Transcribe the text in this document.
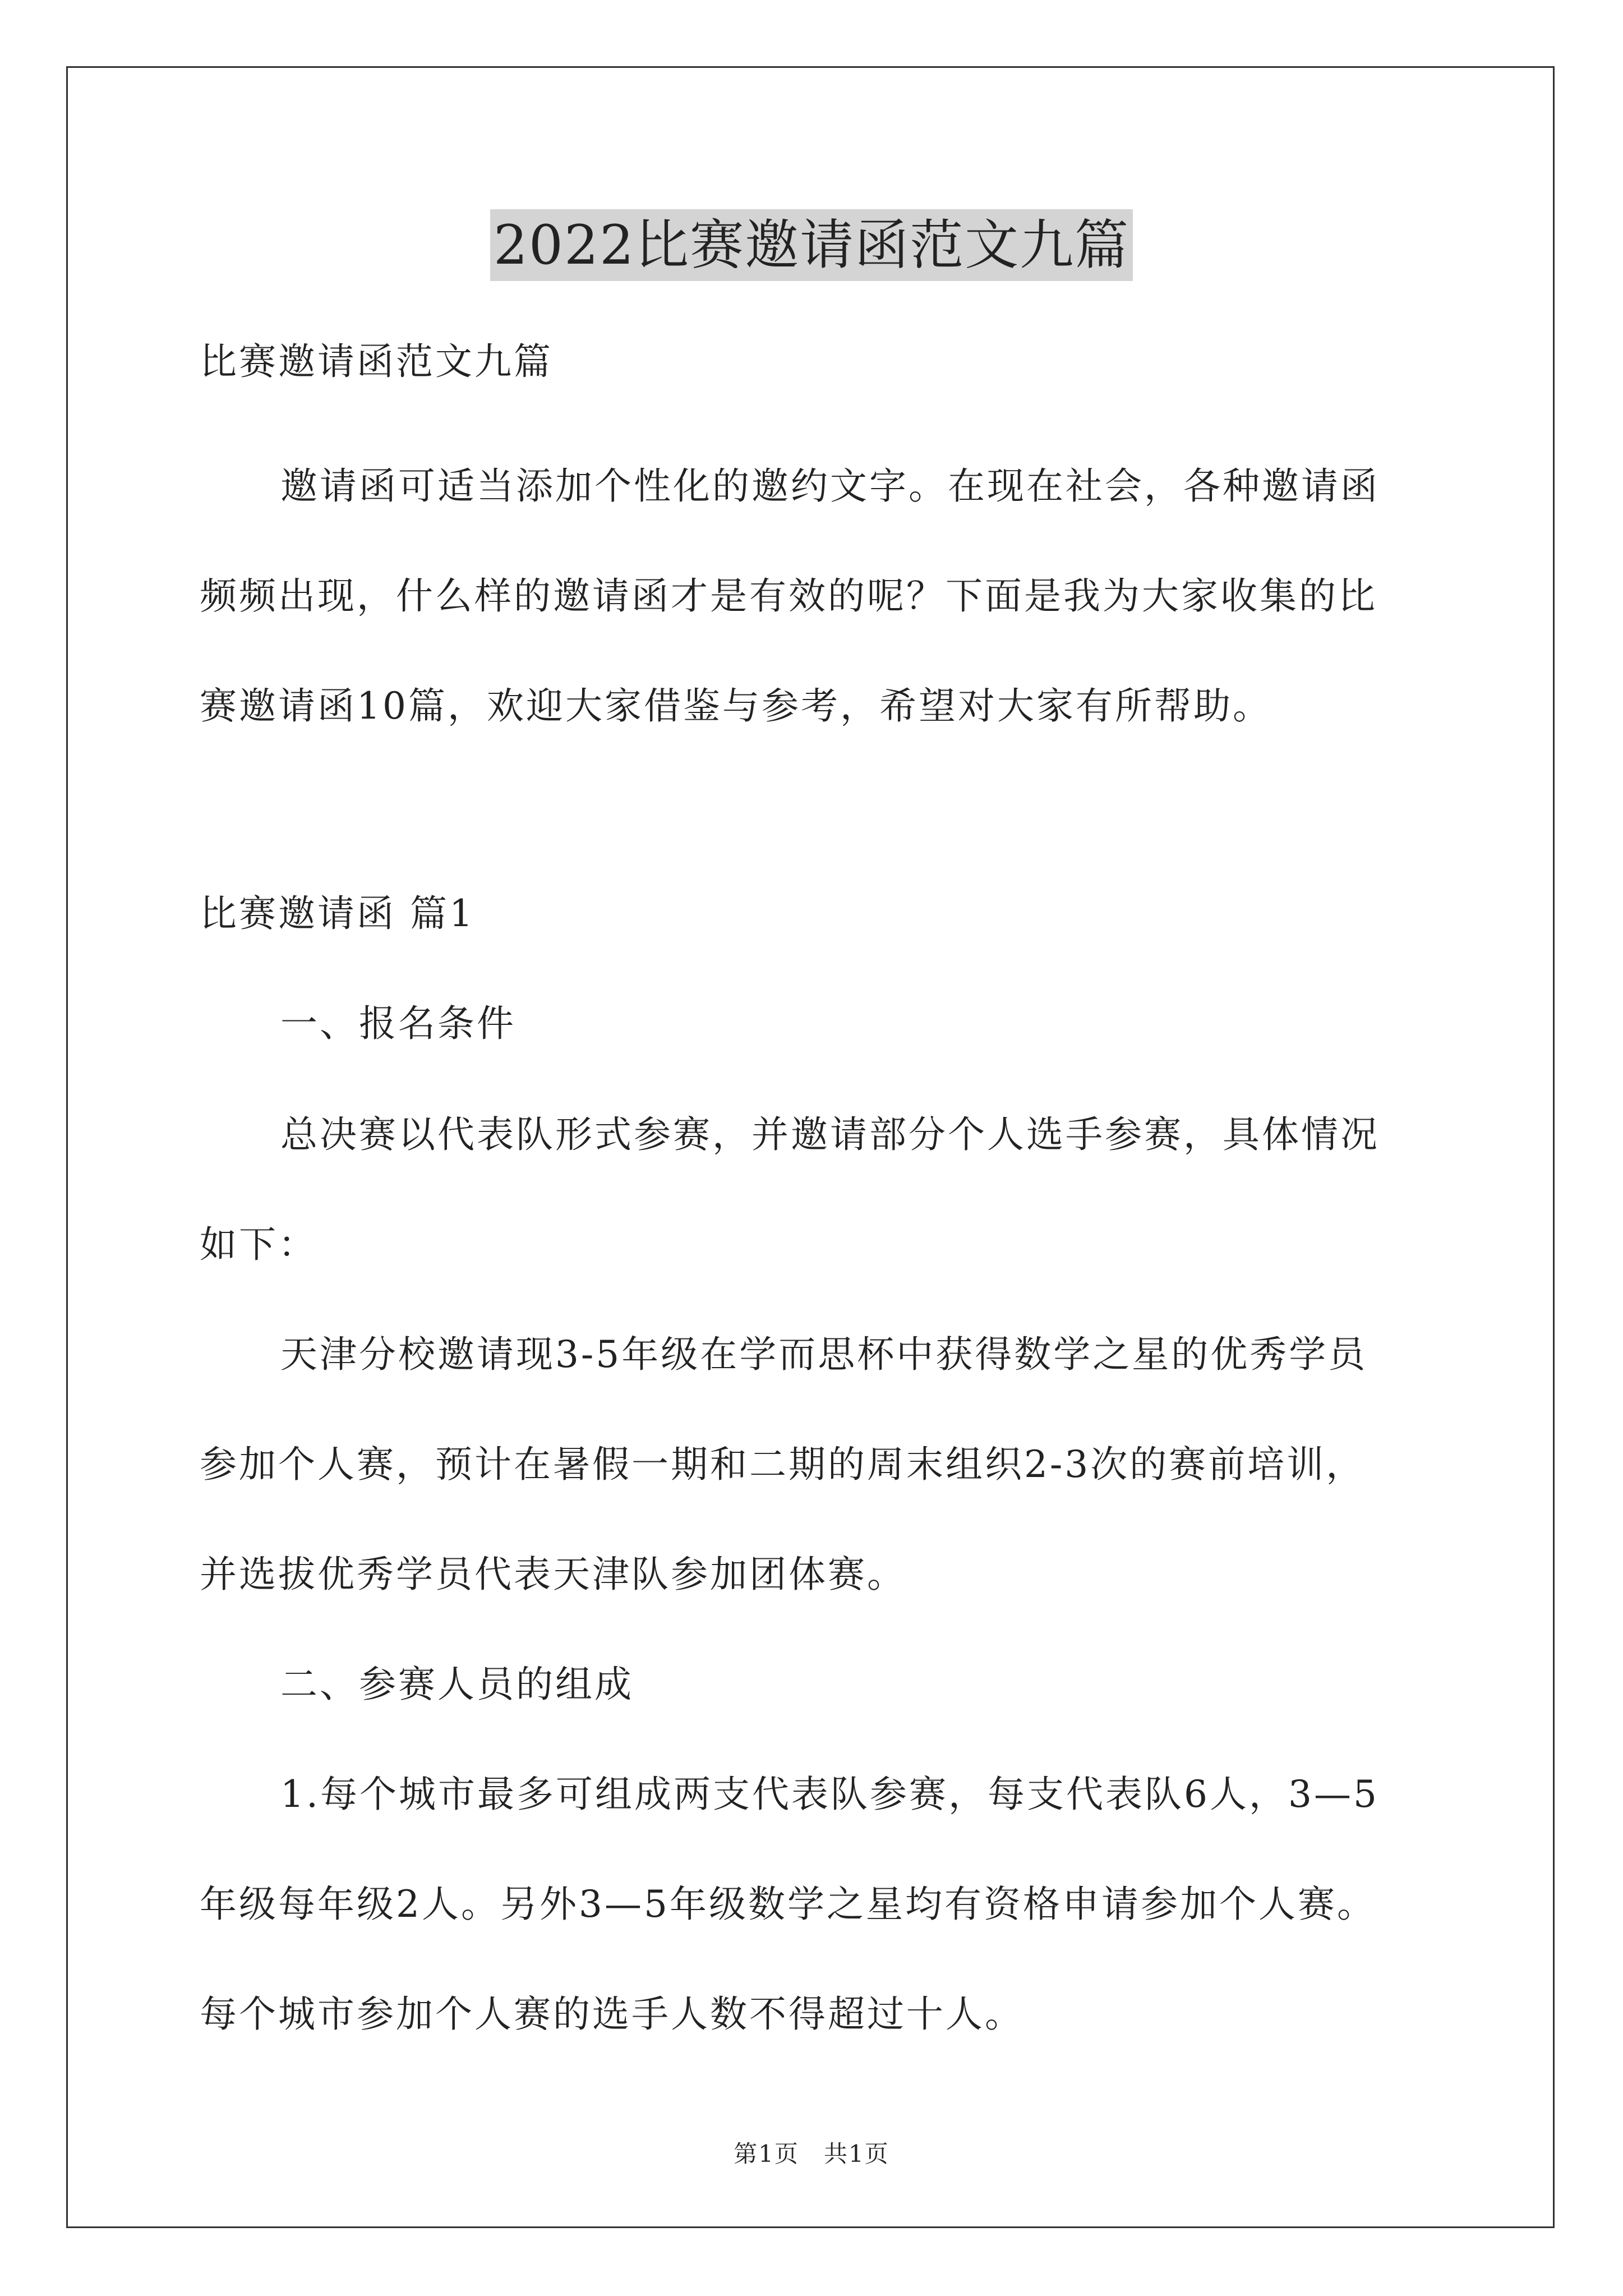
2022比赛邀请函范文九篇
比赛邀请函范文九篇
邀请函可适当添加个性化的邀约文字。在现在社会，各种邀请函
频频出现，什么样的邀请函才是有效的呢？下面是我为大家收集的比
赛邀请函10篇，欢迎大家借鉴与参考，希望对大家有所帮助。
比赛邀请函 篇1
一、报名条件
总决赛以代表队形式参赛，并邀请部分个人选手参赛，具体情况
如下：
天津分校邀请现3-5年级在学而思杯中获得数学之星的优秀学员
参加个人赛，预计在暑假一期和二期的周末组织2-3次的赛前培训，
并选拔优秀学员代表天津队参加团体赛。
二、参赛人员的组成
1.每个城市最多可组成两支代表队参赛，每支代表队6人，3—5
年级每年级2人。另外3—5年级数学之星均有资格申请参加个人赛。
每个城市参加个人赛的选手人数不得超过十人。
第1页　共1页
